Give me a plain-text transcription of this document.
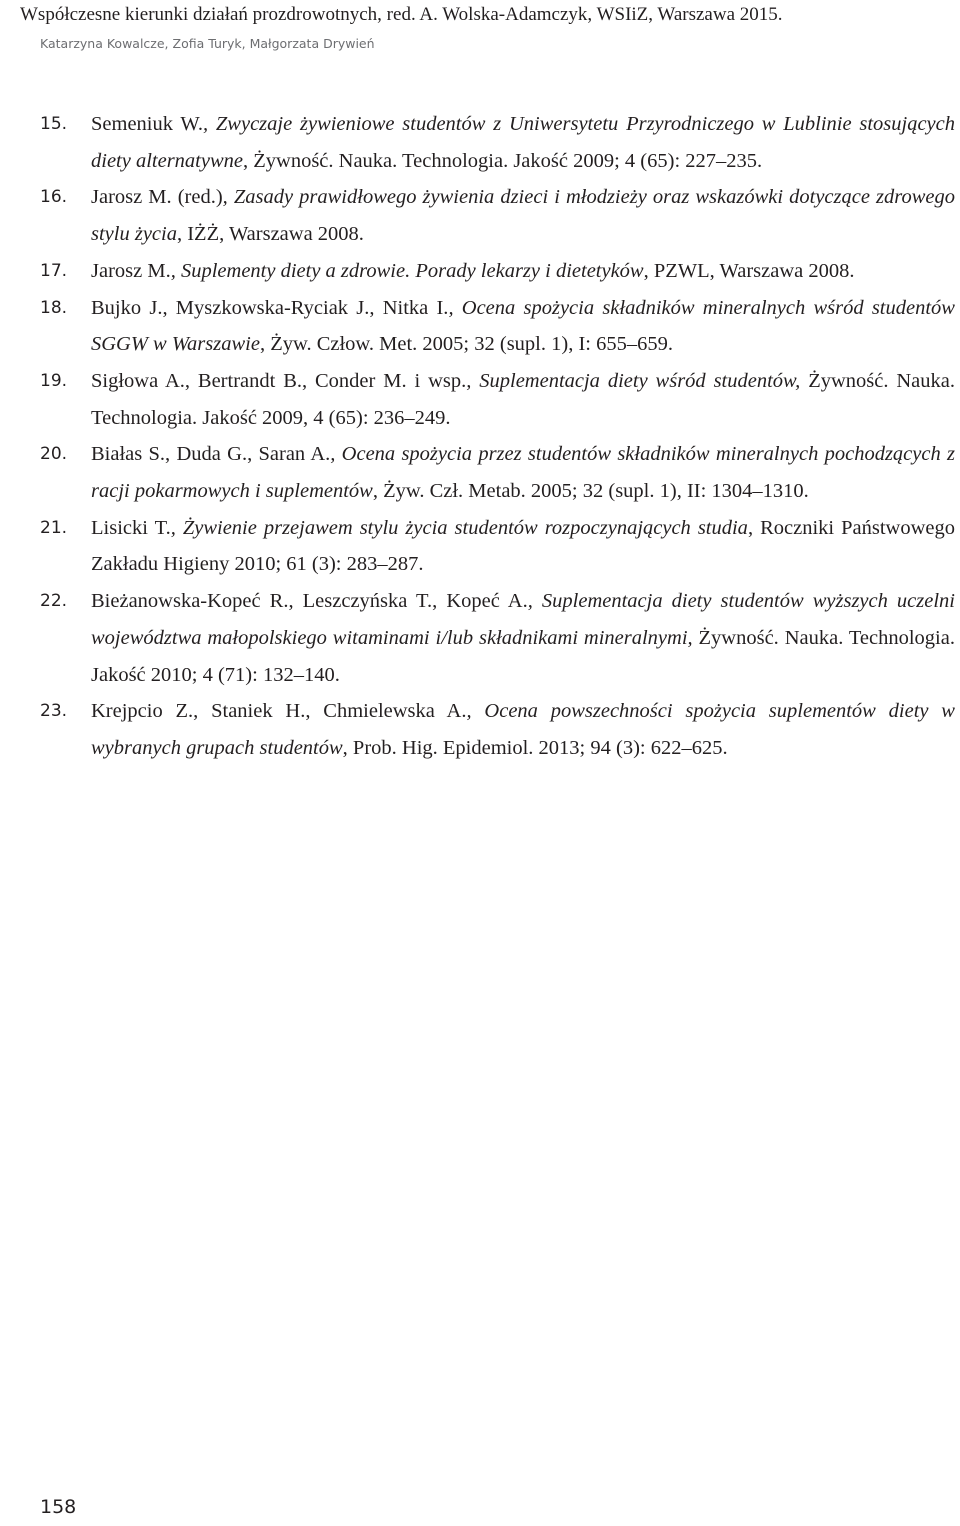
Współczesne kierunki działań prozdrowotnych, red. A. Wolska-Adamczyk, WSIiZ, Warszawa 2015.
Katarzyna Kowalcze, Zofia Turyk, Małgorzata Drywień
15. Semeniuk W., Zwyczaje żywieniowe studentów z Uniwersytetu Przyrodniczego w Lublinie stosujących diety alternatywne, Żywność. Nauka. Technologia. Jakość 2009; 4 (65): 227–235.
16. Jarosz M. (red.), Zasady prawidłowego żywienia dzieci i młodzieży oraz wskazówki dotyczące zdrowego stylu życia, IŻŻ, Warszawa 2008.
17. Jarosz M., Suplementy diety a zdrowie. Porady lekarzy i dietetyków, PZWL, Warszawa 2008.
18. Bujko J., Myszkowska-Ryciak J., Nitka I., Ocena spożycia składników mineralnych wśród studentów SGGW w Warszawie, Żyw. Człow. Met. 2005; 32 (supl. 1), I: 655–659.
19. Sigłowa A., Bertrandt B., Conder M. i wsp., Suplementacja diety wśród studentów, Żywność. Nauka. Technologia. Jakość 2009, 4 (65): 236–249.
20. Białas S., Duda G., Saran A., Ocena spożycia przez studentów składników mineralnych pochodzących z racji pokarmowych i suplementów, Żyw. Czł. Metab. 2005; 32 (supl. 1), II: 1304–1310.
21. Lisicki T., Żywienie przejawem stylu życia studentów rozpoczynających studia, Roczniki Państwowego Zakładu Higieny 2010; 61 (3): 283–287.
22. Bieżanowska-Kopeć R., Leszczyńska T., Kopeć A., Suplementacja diety studentów wyższych uczelni województwa małopolskiego witaminami i/lub składnikami mineralnymi, Żywność. Nauka. Technologia. Jakość 2010; 4 (71): 132–140.
23. Krejpcio Z., Staniek H., Chmielewska A., Ocena powszechności spożycia suplementów diety w wybranych grupach studentów, Prob. Hig. Epidemiol. 2013; 94 (3): 622–625.
158
